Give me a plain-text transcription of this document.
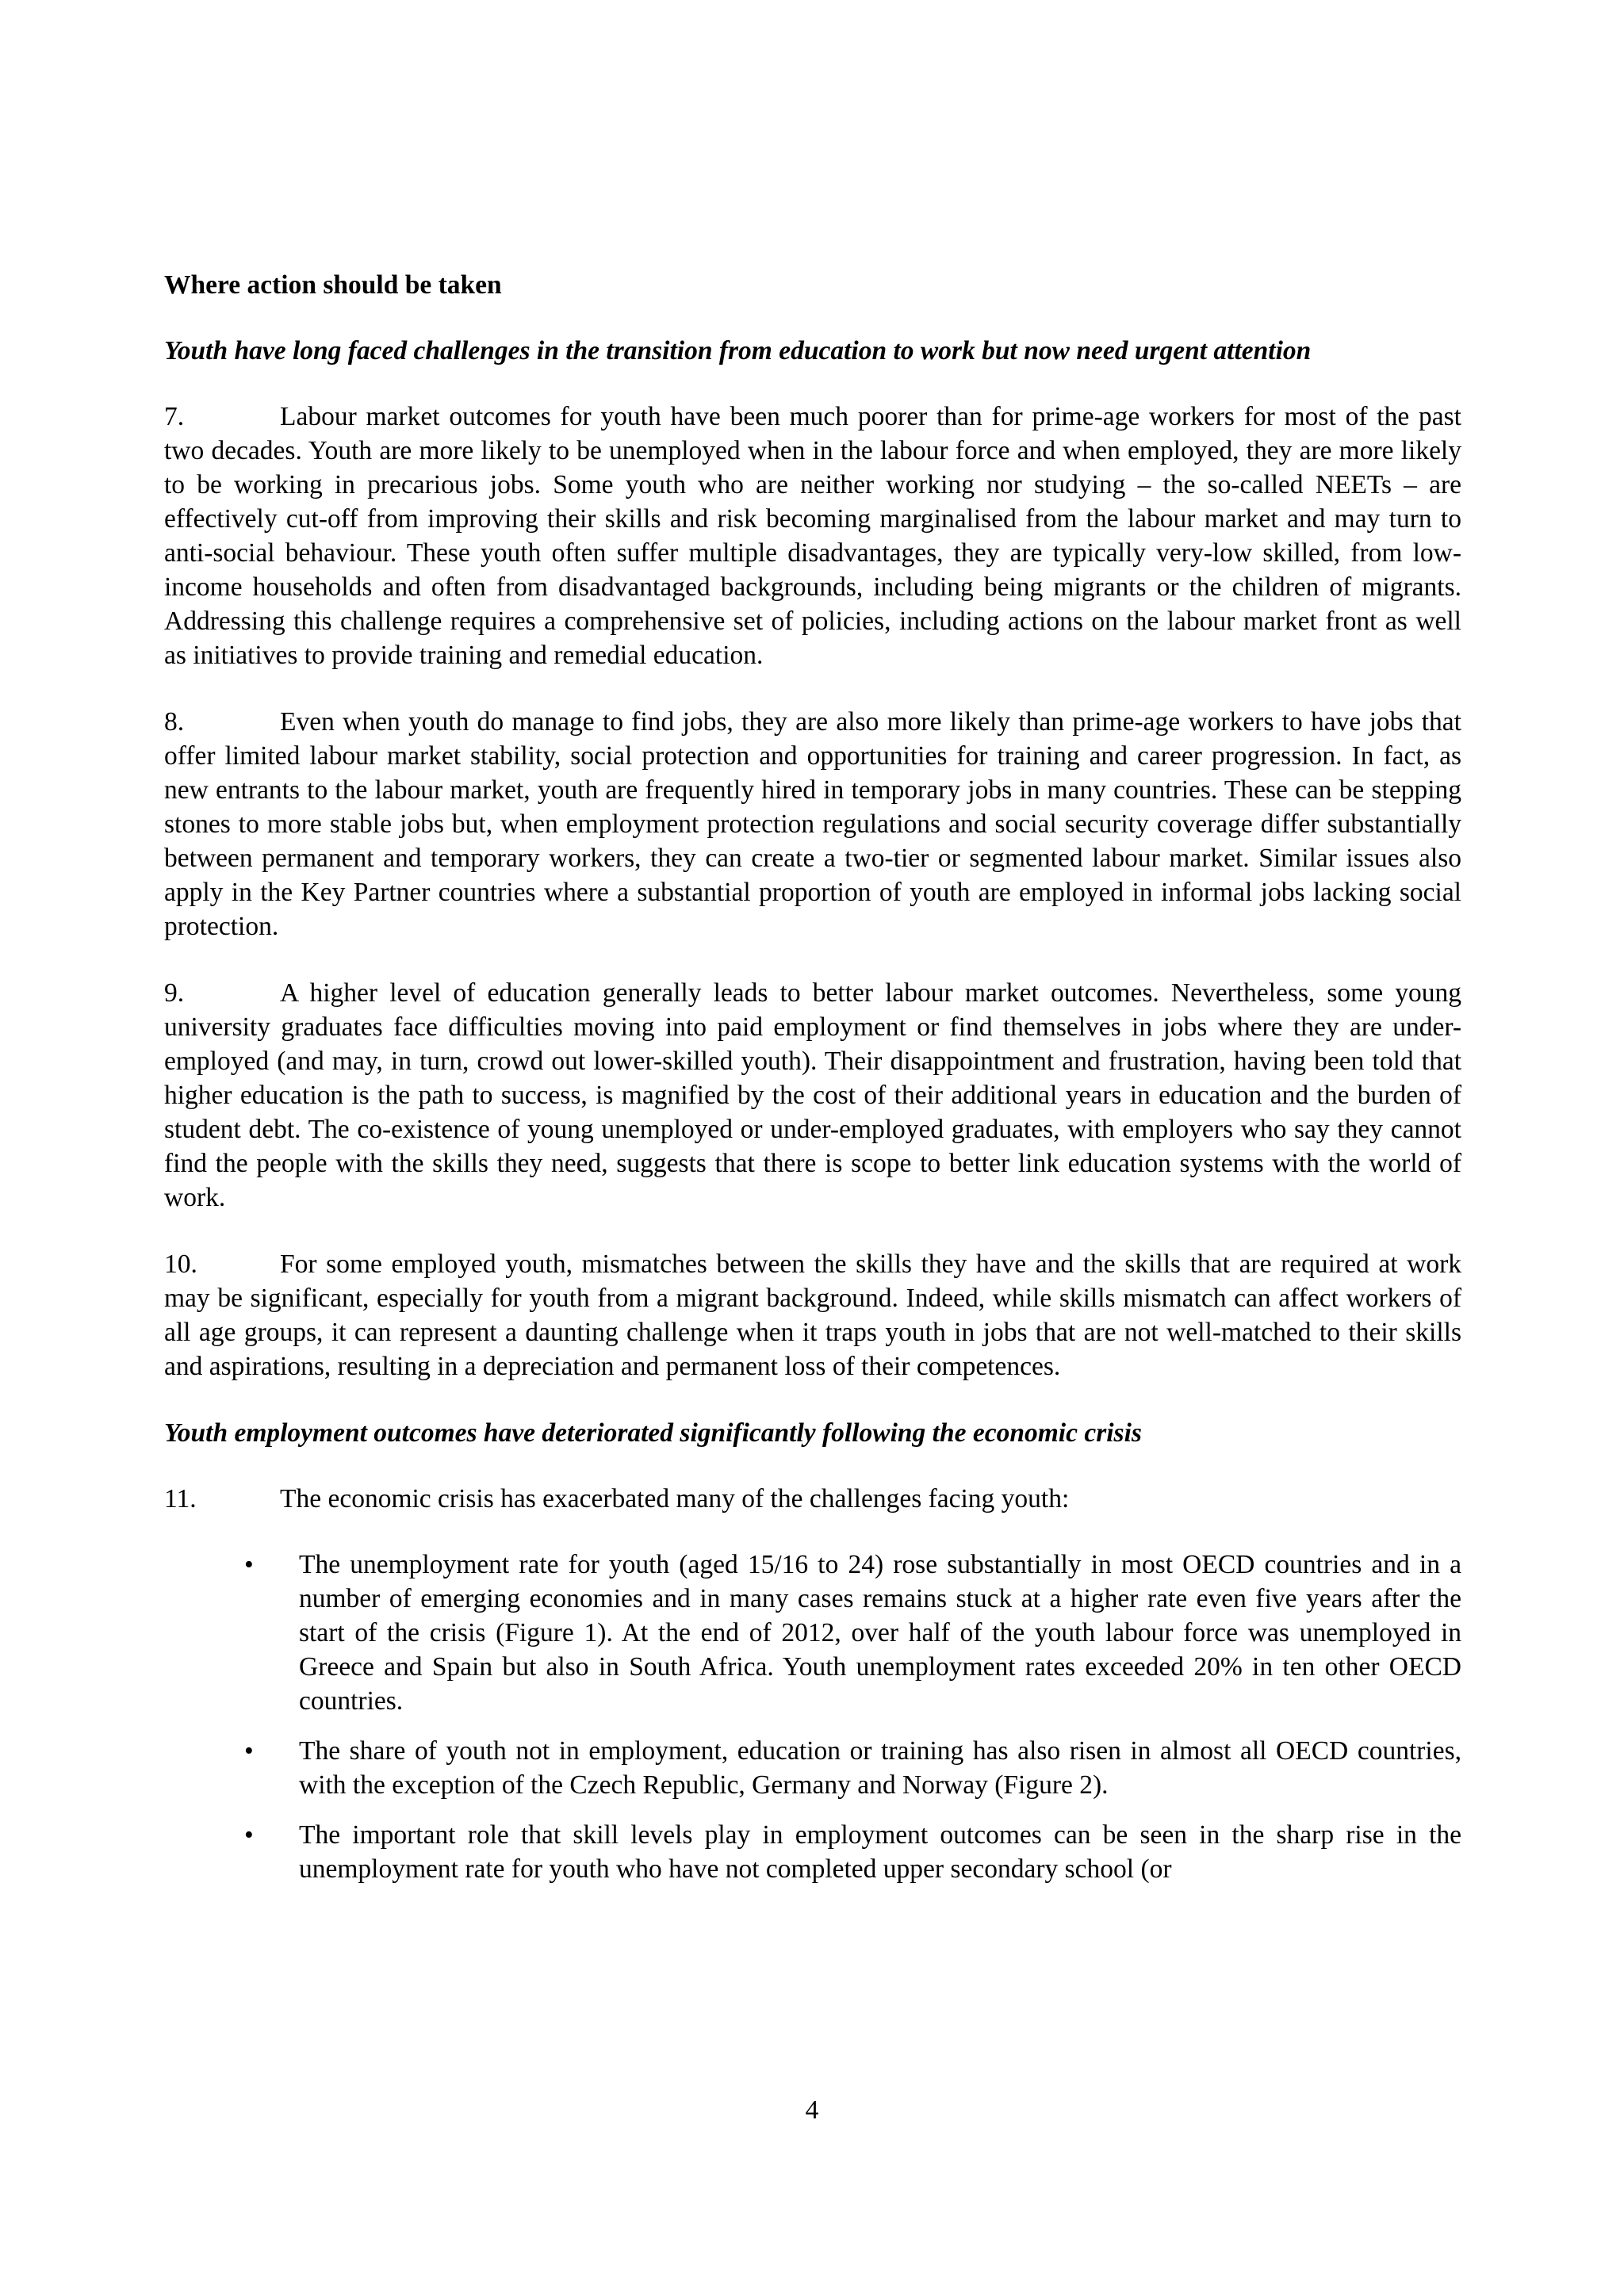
Where action should be taken
Youth have long faced challenges in the transition from education to work but now need urgent attention
7.	Labour market outcomes for youth have been much poorer than for prime-age workers for most of the past two decades. Youth are more likely to be unemployed when in the labour force and when employed, they are more likely to be working in precarious jobs. Some youth who are neither working nor studying – the so-called NEETs – are effectively cut-off from improving their skills and risk becoming marginalised from the labour market and may turn to anti-social behaviour. These youth often suffer multiple disadvantages, they are typically very-low skilled, from low-income households and often from disadvantaged backgrounds, including being migrants or the children of migrants. Addressing this challenge requires a comprehensive set of policies, including actions on the labour market front as well as initiatives to provide training and remedial education.
8.	Even when youth do manage to find jobs, they are also more likely than prime-age workers to have jobs that offer limited labour market stability, social protection and opportunities for training and career progression. In fact, as new entrants to the labour market, youth are frequently hired in temporary jobs in many countries. These can be stepping stones to more stable jobs but, when employment protection regulations and social security coverage differ substantially between permanent and temporary workers, they can create a two-tier or segmented labour market. Similar issues also apply in the Key Partner countries where a substantial proportion of youth are employed in informal jobs lacking social protection.
9.	A higher level of education generally leads to better labour market outcomes. Nevertheless, some young university graduates face difficulties moving into paid employment or find themselves in jobs where they are under-employed (and may, in turn, crowd out lower-skilled youth). Their disappointment and frustration, having been told that higher education is the path to success, is magnified by the cost of their additional years in education and the burden of student debt. The co-existence of young unemployed or under-employed graduates, with employers who say they cannot find the people with the skills they need, suggests that there is scope to better link education systems with the world of work.
10.	For some employed youth, mismatches between the skills they have and the skills that are required at work may be significant, especially for youth from a migrant background. Indeed, while skills mismatch can affect workers of all age groups, it can represent a daunting challenge when it traps youth in jobs that are not well-matched to their skills and aspirations, resulting in a depreciation and permanent loss of their competences.
Youth employment outcomes have deteriorated significantly following the economic crisis
11.	The economic crisis has exacerbated many of the challenges facing youth:
• The unemployment rate for youth (aged 15/16 to 24) rose substantially in most OECD countries and in a number of emerging economies and in many cases remains stuck at a higher rate even five years after the start of the crisis (Figure 1). At the end of 2012, over half of the youth labour force was unemployed in Greece and Spain but also in South Africa. Youth unemployment rates exceeded 20% in ten other OECD countries.
• The share of youth not in employment, education or training has also risen in almost all OECD countries, with the exception of the Czech Republic, Germany and Norway (Figure 2).
• The important role that skill levels play in employment outcomes can be seen in the sharp rise in the unemployment rate for youth who have not completed upper secondary school (or
4
